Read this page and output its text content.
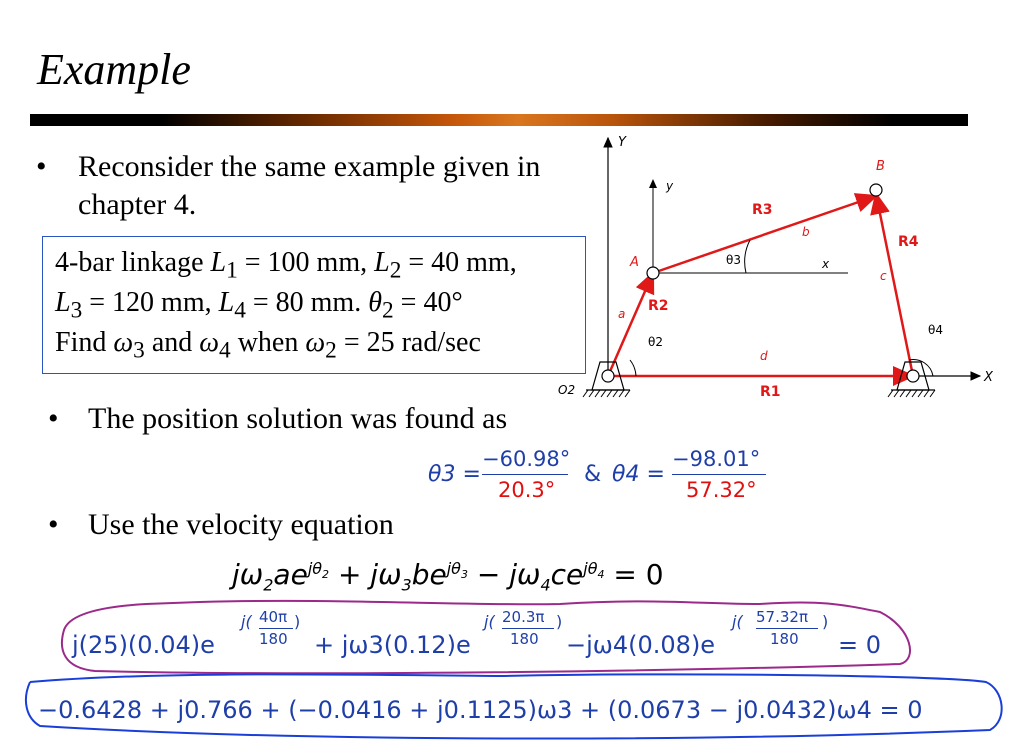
Example
• Reconsider the same example given in chapter 4.
4-bar linkage $L_1 = 100$ mm, $L_2 = 40$ mm,
$L_3 = 120$ mm, $L_4 = 80$ mm. $\theta_2 = 40^\circ$
Find $\omega_3$ and $\omega_4$ when $\omega_2 = 25$ rad/sec
Y
X
y
x
A
B
O2
R2
R3
R4
R1
a
b
c
d
θ2
θ3
θ4
• The position solution was found as
θ3 =
−60.98°
20.3°
& θ4 =
−98.01°
57.32°
• Use the velocity equation
$j\omega_2ae^{j\theta_2} + j\omega_3be^{j\theta_3} - j\omega_4ce^{j\theta_4} = 0$
j(25)(0.04)e
j( 40π
180
)
+ jω3(0.12)e
j( 20.3π
180
)
−jω4(0.08)e
j( 57.32π
180
)
= 0
−0.6428 + j0.766 + (−0.0416 + j0.1125)ω3 + (0.0673 − j0.0432)ω4 = 0
